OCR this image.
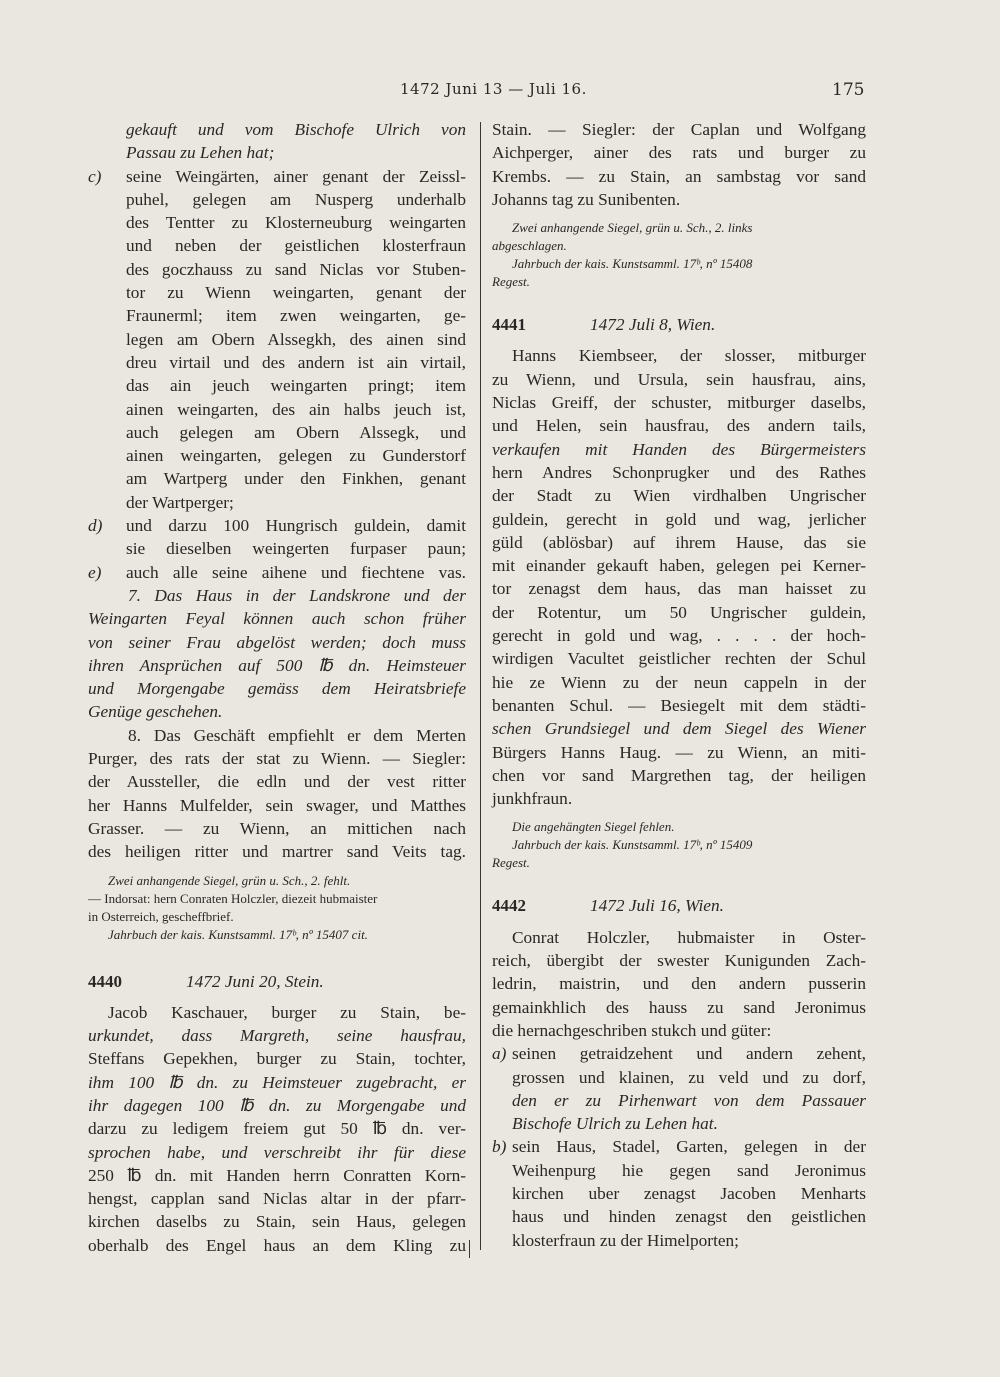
1472 Juni 13 — Juli 16.	175
gekauft und vom Bischofe Ulrich von
Passau zu Lehen hat;
c) seine Weingärten, ainer genant der Zeissl-
puhel, gelegen am Nusperg underhalb
des Tentter zu Klosterneuburg weingarten
und neben der geistlichen klosterfraun
des goczhauss zu sand Niclas vor Stuben-
tor zu Wienn weingarten, genant der
Fraunerml; item zwen weingarten, ge-
legen am Obern Alssegkh, des ainen sind
dreu virtail und des andern ist ain virtail,
das ain jeuch weingarten pringt; item
ainen weingarten, des ain halbs jeuch ist,
auch gelegen am Obern Alssegk, und
ainen weingarten, gelegen zu Gunderstorf
am Wartperg under den Finkhen, genant
der Wartperger;
d) und darzu 100 Hungrisch guldein, damit
sie dieselben weingerten furpaser paun;
e) auch alle seine aihene und fiechtene vas.
7. Das Haus in der Landskrone und der
Weingarten Feyal können auch schon früher
von seiner Frau abgelöst werden; doch muss
ihren Ansprüchen auf 500 ℔ dn. Heimsteuer
und Morgengabe gemäss dem Heiratsbriefe
Genüge geschehen.
8. Das Geschäft empfiehlt er dem Merten
Purger, des rats der stat zu Wienn. — Siegler:
der Aussteller, die edln und der vest ritter
her Hanns Mulfelder, sein swager, und Matthes
Grasser. — zu Wienn, an mittichen nach
des heiligen ritter und martrer sand Veits tag.
Zwei anhangende Siegel, grün u. Sch., 2. fehlt.
— Indorsat: hern Conraten Holczler, diezeit hubmaister
in Osterreich, gescheffbrief.
Jahrbuch der kais. Kunstsamml. 17ᵇ, nº 15407 cit.
4440	1472 Juni 20, Stein.
Jacob Kaschauer, burger zu Stain, be-
urkundet, dass Margreth, seine hausfrau,
Steffans Gepekhen, burger zu Stain, tochter,
ihm 100 ℔ dn. zu Heimsteuer zugebracht, er
ihr dagegen 100 ℔ dn. zu Morgengabe und
darzu zu ledigem freiem gut 50 ℔ dn. ver-
sprochen habe, und verschreibt ihr für diese
250 ℔ dn. mit Handen herrn Conratten Korn-
hengst, capplan sand Niclas altar in der pfarr-
kirchen daselbs zu Stain, sein Haus, gelegen
oberhalb des Engel haus an dem Kling zu
Stain. — Siegler: der Caplan und Wolfgang
Aichperger, ainer des rats und burger zu
Krembs. — zu Stain, an sambstag vor sand
Johanns tag zu Sunibenten.
Zwei anhangende Siegel, grün u. Sch., 2. links
abgeschlagen.
Jahrbuch der kais. Kunstsamml. 17ᵇ, nº 15408
Regest.
4441	1472 Juli 8, Wien.
Hanns Kiembseer, der slosser, mitburger
zu Wienn, und Ursula, sein hausfrau, ains,
Niclas Greiff, der schuster, mitburger daselbs,
und Helen, sein hausfrau, des andern tails,
verkaufen mit Handen des Bürgermeisters
hern Andres Schonprugker und des Rathes
der Stadt zu Wien virdhalben Ungrischer
guldein, gerecht in gold und wag, jerlicher
güld (ablösbar) auf ihrem Hause, das sie
mit einander gekauft haben, gelegen pei Kerner-
tor zenagst dem haus, das man haisset zu
der Rotentur, um 50 Ungrischer guldein,
gerecht in gold und wag, . . . . der hoch-
wirdigen Vacultet geistlicher rechten der Schul
hie ze Wienn zu der neun cappeln in der
benanten Schul. — Besiegelt mit dem städti-
schen Grundsiegel und dem Siegel des Wiener
Bürgers Hanns Haug. — zu Wienn, an miti-
chen vor sand Margrethen tag, der heiligen
junkhfraun.
Die angehängten Siegel fehlen.
Jahrbuch der kais. Kunstsamml. 17ᵇ, nº 15409
Regest.
4442	1472 Juli 16, Wien.
Conrat Holczler, hubmaister in Oster-
reich, übergibt der swester Kunigunden Zach-
ledrin, maistrin, und den andern pusserin
gemainkhlich des hauss zu sand Jeronimus
die hernachgeschriben stukch und güter:
a) seinen getraidzehent und andern zehent,
grossen und klainen, zu veld und zu dorf,
den er zu Pirhenwart von dem Passauer
Bischofe Ulrich zu Lehen hat.
b) sein Haus, Stadel, Garten, gelegen in der
Weihenpurg hie gegen sand Jeronimus
kirchen uber zenagst Jacoben Menharts
haus und hinden zenagst den geistlichen
klosterfraun zu der Himelporten;
